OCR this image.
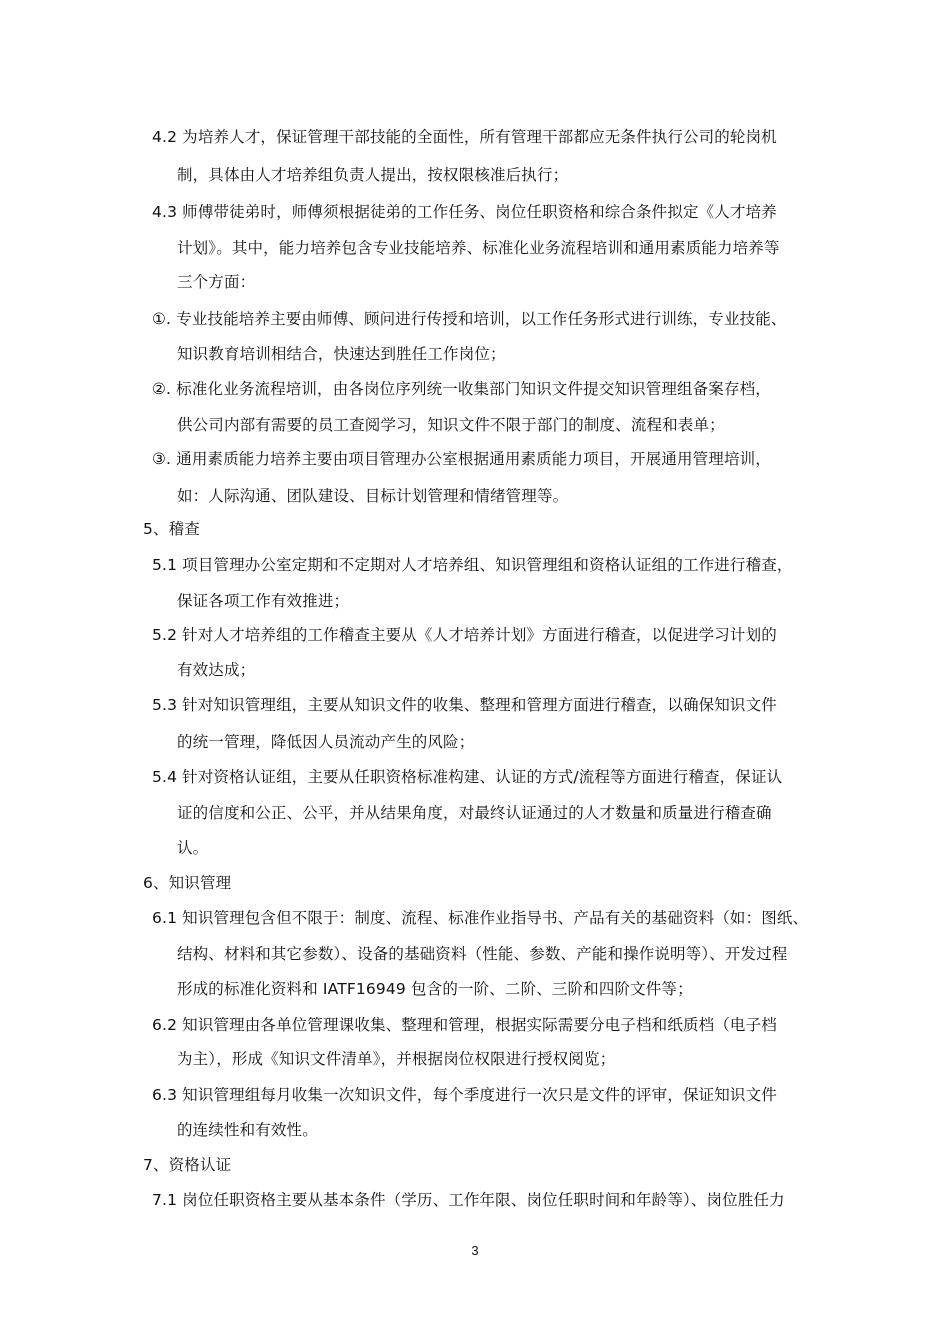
4.2 为培养人才，保证管理干部技能的全面性，所有管理干部都应无条件执行公司的轮岗机
制，具体由人才培养组负责人提出，按权限核准后执行；
4.3 师傅带徒弟时，师傅须根据徒弟的工作任务、岗位任职资格和综合条件拟定《人才培养
计划》。其中，能力培养包含专业技能培养、标准化业务流程培训和通用素质能力培养等
三个方面：
①. 专业技能培养主要由师傅、顾问进行传授和培训，以工作任务形式进行训练，专业技能、
知识教育培训相结合，快速达到胜任工作岗位；
②. 标准化业务流程培训，由各岗位序列统一收集部门知识文件提交知识管理组备案存档，
供公司内部有需要的员工查阅学习，知识文件不限于部门的制度、流程和表单；
③. 通用素质能力培养主要由项目管理办公室根据通用素质能力项目，开展通用管理培训，
如：人际沟通、团队建设、目标计划管理和情绪管理等。
5、稽查
5.1 项目管理办公室定期和不定期对人才培养组、知识管理组和资格认证组的工作进行稽查，
保证各项工作有效推进；
5.2 针对人才培养组的工作稽查主要从《人才培养计划》方面进行稽查，以促进学习计划的
有效达成；
5.3 针对知识管理组，主要从知识文件的收集、整理和管理方面进行稽查，以确保知识文件
的统一管理，降低因人员流动产生的风险；
5.4 针对资格认证组，主要从任职资格标准构建、认证的方式/流程等方面进行稽查，保证认
证的信度和公正、公平，并从结果角度，对最终认证通过的人才数量和质量进行稽查确
认。
6、知识管理
6.1 知识管理包含但不限于：制度、流程、标准作业指导书、产品有关的基础资料（如：图纸、
结构、材料和其它参数）、设备的基础资料（性能、参数、产能和操作说明等）、开发过程
形成的标准化资料和 IATF16949 包含的一阶、二阶、三阶和四阶文件等；
6.2 知识管理由各单位管理课收集、整理和管理，根据实际需要分电子档和纸质档（电子档
为主），形成《知识文件清单》，并根据岗位权限进行授权阅览；
6.3 知识管理组每月收集一次知识文件，每个季度进行一次只是文件的评审，保证知识文件
的连续性和有效性。
7、资格认证
7.1 岗位任职资格主要从基本条件（学历、工作年限、岗位任职时间和年龄等）、岗位胜任力
3
